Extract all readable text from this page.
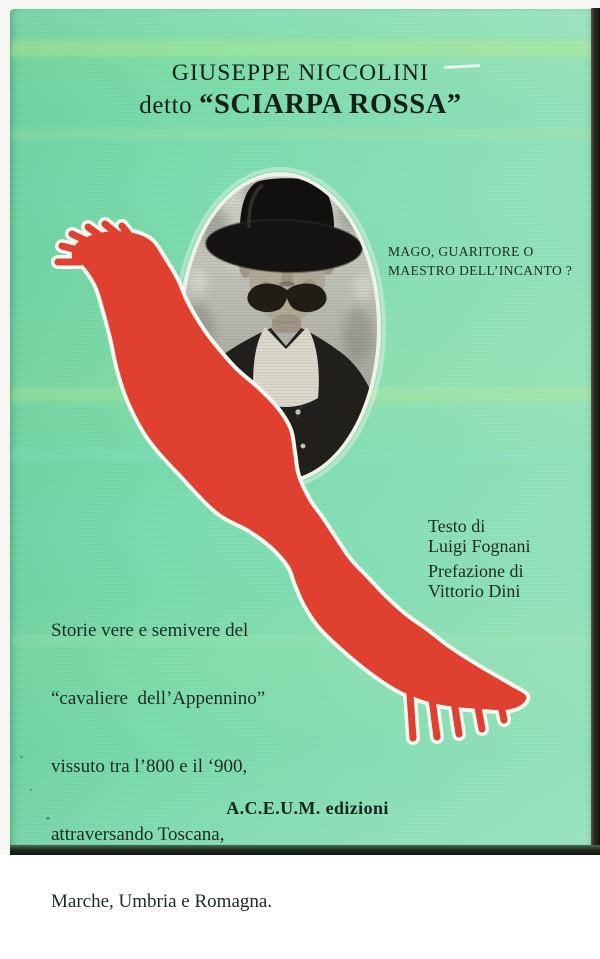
GIUSEPPE NICCOLINI
detto “SCIARPA ROSSA”
MAGO, GUARITORE O
MAESTRO DELL’INCANTO ?
Testo di
Luigi Fognani
Prefazione di
Vittorio Dini

Storie vere e semivere del

“cavaliere  dell’Appennino”

vissuto tra l’800 e il ‘900,

attraversando Toscana,

Marche, Umbria e Romagna.

A.C.E.U.M. edizioni
